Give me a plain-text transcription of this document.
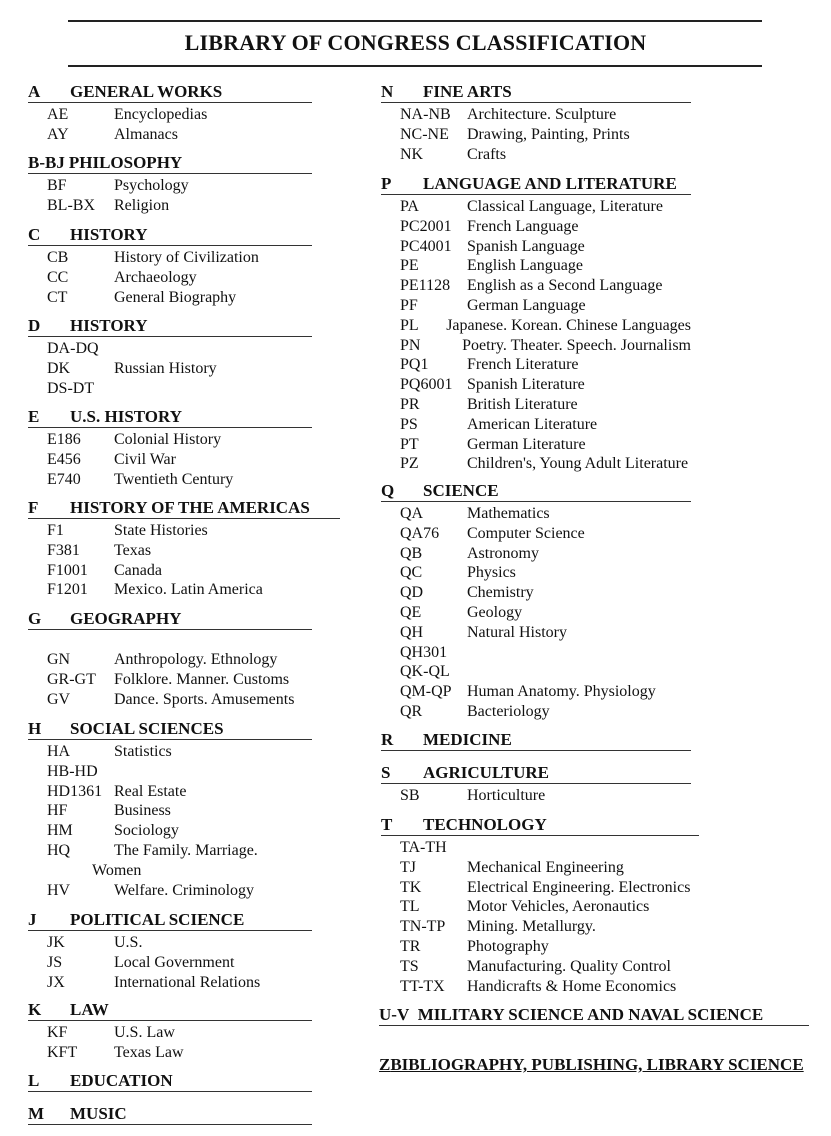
LIBRARY OF CONGRESS CLASSIFICATION
A	GENERAL WORKS
AE	Encyclopedias
AY	Almanacs
B-BJ PHILOSOPHY
BF	Psychology
BL-BX	Religion
C	HISTORY
CB	History of Civilization
CC	Archaeology
CT	General Biography
D	HISTORY
DA-DQ
DK	Russian History
DS-DT
E	U.S. HISTORY
E186	Colonial History
E456	Civil War
E740	Twentieth Century
F	HISTORY OF THE AMERICAS
F1	State Histories
F381	Texas
F1001	Canada
F1201	Mexico. Latin America
G	GEOGRAPHY
GN	Anthropology. Ethnology
GR-GT	Folklore. Manner. Customs
GV	Dance. Sports. Amusements
H	SOCIAL SCIENCES
HA	Statistics
HB-HD
HD1361 Real Estate
HF	Business
HM	Sociology
HQ	The Family. Marriage.
Women
HV	Welfare. Criminology
J	POLITICAL SCIENCE
JK	U.S.
JS	Local Government
JX	International Relations
K	LAW
KF	U.S. Law
KFT	Texas Law
L	EDUCATION
M	MUSIC
N	FINE ARTS
NA-NB	Architecture. Sculpture
NC-NE	Drawing, Painting, Prints
NK	Crafts
P	LANGUAGE AND LITERATURE
PA	Classical Language, Literature
PC2001 French Language
PC4001 Spanish Language
PE	English Language
PE1128	English as a Second Language
PF	German Language
PL	Japanese. Korean. Chinese Languages
PN	Poetry. Theater. Speech. Journalism
PQ1	French Literature
PQ6001 Spanish Literature
PR	British Literature
PS	American Literature
PT	German Literature
PZ	Children's, Young Adult Literature
Q	SCIENCE
QA	Mathematics
QA76	Computer Science
QB	Astronomy
QC	Physics
QD	Chemistry
QE	Geology
QH	Natural History
QH301
QK-QL
QM-QP Human Anatomy. Physiology
QR	Bacteriology
R	MEDICINE
S	AGRICULTURE
SB	Horticulture
T	TECHNOLOGY
TA-TH
TJ	Mechanical Engineering
TK	Electrical Engineering. Electronics
TL	Motor Vehicles, Aeronautics
TN-TP	Mining. Metallurgy.
TR	Photography
TS	Manufacturing. Quality Control
TT-TX	Handicrafts & Home Economics
U-V MILITARY SCIENCE AND NAVAL SCIENCE
ZBIBLIOGRAPHY, PUBLISHING, LIBRARY SCIENCE
